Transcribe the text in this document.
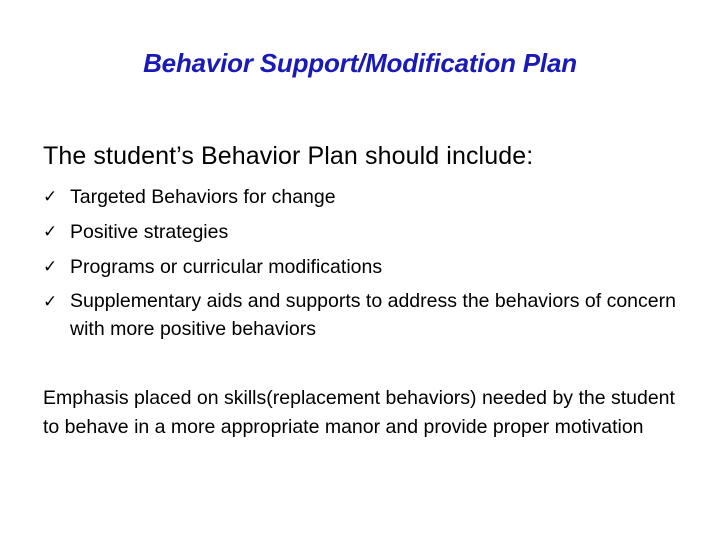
Behavior Support/Modification Plan
The student’s Behavior Plan should include:
✓ Targeted Behaviors for change
✓ Positive strategies
✓ Programs or curricular modifications
✓ Supplementary aids and supports to address the behaviors of concern with more positive behaviors
Emphasis placed on skills(replacement behaviors) needed by the student to behave in a more appropriate manor and provide proper motivation
